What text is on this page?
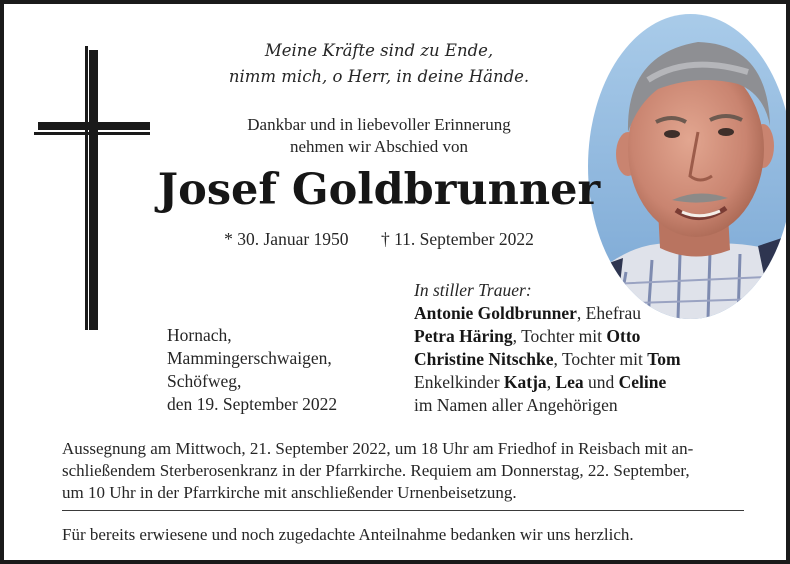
Meine Kräfte sind zu Ende,
nimm mich, o Herr, in deine Hände.
Dankbar und in liebevoller Erinnerung
nehmen wir Abschied von
Josef Goldbrunner
* 30. Januar 1950 † 11. September 2022
Hornach,
Mammingerschwaigen,
Schöfweg,
den 19. September 2022
In stiller Trauer:
Antonie Goldbrunner, Ehefrau
Petra Häring, Tochter mit Otto
Christine Nitschke, Tochter mit Tom
Enkelkinder Katja, Lea und Celine
im Namen aller Angehörigen
Aussegnung am Mittwoch, 21. September 2022, um 18 Uhr am Friedhof in Reisbach mit an-
schließendem Sterberosenkranz in der Pfarrkirche. Requiem am Donnerstag, 22. September,
um 10 Uhr in der Pfarrkirche mit anschließender Urnenbeisetzung.
Für bereits erwiesene und noch zugedachte Anteilnahme bedanken wir uns herzlich.
